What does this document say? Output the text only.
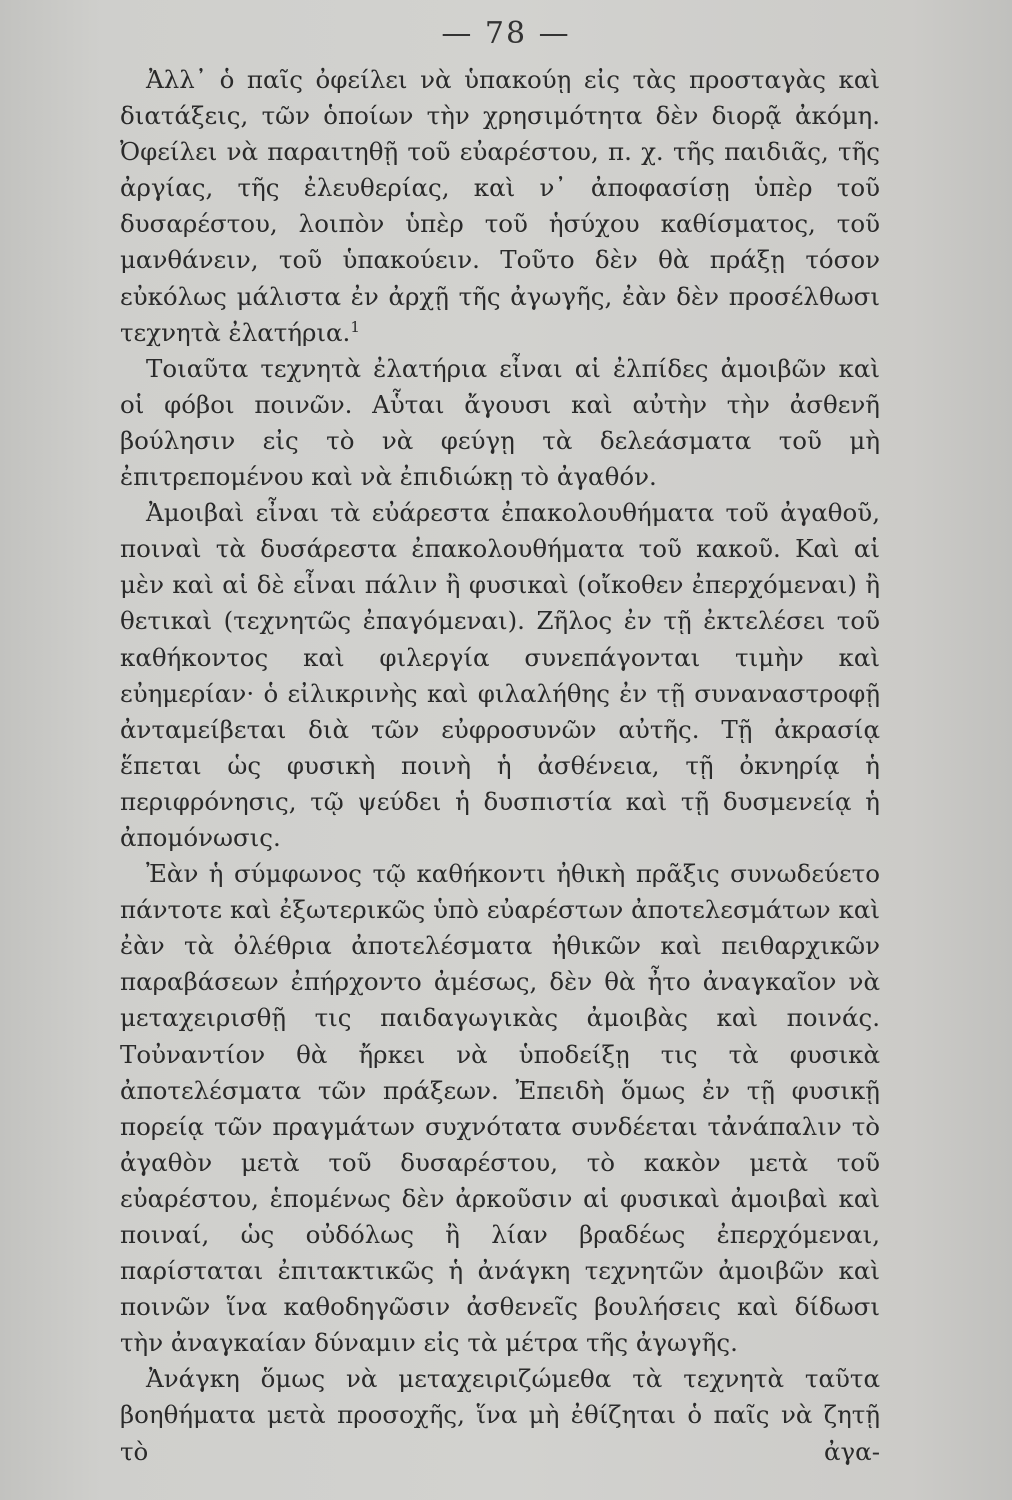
— 78 —

Ἀλλ᾽ ὁ παῖς ὀφείλει νὰ ὑπακούῃ εἰς τὰς προσταγὰς καὶ διατάξεις, τῶν ὁποίων τὴν χρησιμότητα δὲν διορᾷ ἀκόμη. Ὀφείλει νὰ παραιτηθῇ τοῦ εὐαρέστου, π. χ. τῆς παιδιᾶς, τῆς ἀργίας, τῆς ἐλευθερίας, καὶ ν᾽ ἀποφασίσῃ ὑπὲρ τοῦ δυσαρέστου, λοιπὸν ὑπὲρ τοῦ ἡσύχου καθίσματος, τοῦ μανθάνειν, τοῦ ὑπακούειν. Τοῦτο δὲν θὰ πράξῃ τόσον εὐκόλως μάλιστα ἐν ἀρχῇ τῆς ἀγωγῆς, ἐὰν δὲν προσέλθωσι τεχνητὰ ἐλατήρια.$^1$

Τοιαῦτα τεχνητὰ ἐλατήρια εἶναι αἱ ἐλπίδες ἀμοιβῶν καὶ οἱ φόβοι ποινῶν. Αὗται ἄγουσι καὶ αὐτὴν τὴν ἀσθενῆ βούλησιν εἰς τὸ νὰ φεύγῃ τὰ δελεάσματα τοῦ μὴ ἐπιτρεπομένου καὶ νὰ ἐπιδιώκῃ τὸ ἀγαθόν.

Ἀμοιβαὶ εἶναι τὰ εὐάρεστα ἐπακολουθήματα τοῦ ἀγαθοῦ, ποιναὶ τὰ δυσάρεστα ἐπακολουθήματα τοῦ κακοῦ. Καὶ αἱ μὲν καὶ αἱ δὲ εἶναι πάλιν ἢ φυσικαὶ (οἴκοθεν ἐπερχόμεναι) ἢ θετικαὶ (τεχνητῶς ἐπαγόμεναι). Ζῆλος ἐν τῇ ἐκτελέσει τοῦ καθήκοντος καὶ φιλεργία συνεπάγονται τιμὴν καὶ εὐημερίαν· ὁ εἰλικρινὴς καὶ φιλαλήθης ἐν τῇ συναναστροφῇ ἀνταμείβεται διὰ τῶν εὐφροσυνῶν αὐτῆς. Τῇ ἀκρασίᾳ ἕπεται ὡς φυσικὴ ποινὴ ἡ ἀσθένεια, τῇ ὀκνηρίᾳ ἡ περιφρόνησις, τῷ ψεύδει ἡ δυσπιστία καὶ τῇ δυσμενείᾳ ἡ ἀπομόνωσις.

Ἐὰν ἡ σύμφωνος τῷ καθήκοντι ἠθικὴ πρᾶξις συνωδεύετο πάντοτε καὶ ἐξωτερικῶς ὑπὸ εὐαρέστων ἀποτελεσμάτων καὶ ἐὰν τὰ ὀλέθρια ἀποτελέσματα ἠθικῶν καὶ πειθαρχικῶν παραβάσεων ἐπήρχοντο ἀμέσως, δὲν θὰ ἦτο ἀναγκαῖον νὰ μεταχειρισθῇ τις παιδαγωγικὰς ἀμοιβὰς καὶ ποινάς. Τοὐναντίον θὰ ἤρκει νὰ ὑποδείξῃ τις τὰ φυσικὰ ἀποτελέσματα τῶν πράξεων. Ἐπειδὴ ὅμως ἐν τῇ φυσικῇ πορείᾳ τῶν πραγμάτων συχνότατα συνδέεται τἀνάπαλιν τὸ ἀγαθὸν μετὰ τοῦ δυσαρέστου, τὸ κακὸν μετὰ τοῦ εὐαρέστου, ἑπομένως δὲν ἀρκοῦσιν αἱ φυσικαὶ ἀμοιβαὶ καὶ ποιναί, ὡς οὐδόλως ἢ λίαν βραδέως ἐπερχόμεναι, παρίσταται ἐπιτακτικῶς ἡ ἀνάγκη τεχνητῶν ἀμοιβῶν καὶ ποινῶν ἵνα καθοδηγῶσιν ἀσθενεῖς βουλήσεις καὶ δίδωσι τὴν ἀναγκαίαν δύναμιν εἰς τὰ μέτρα τῆς ἀγωγῆς.

Ἀνάγκη ὅμως νὰ μεταχειριζώμεθα τὰ τεχνητὰ ταῦτα βοηθήματα μετὰ προσοχῆς, ἵνα μὴ ἐθίζηται ὁ παῖς νὰ ζητῇ τὸ ἀγα-
